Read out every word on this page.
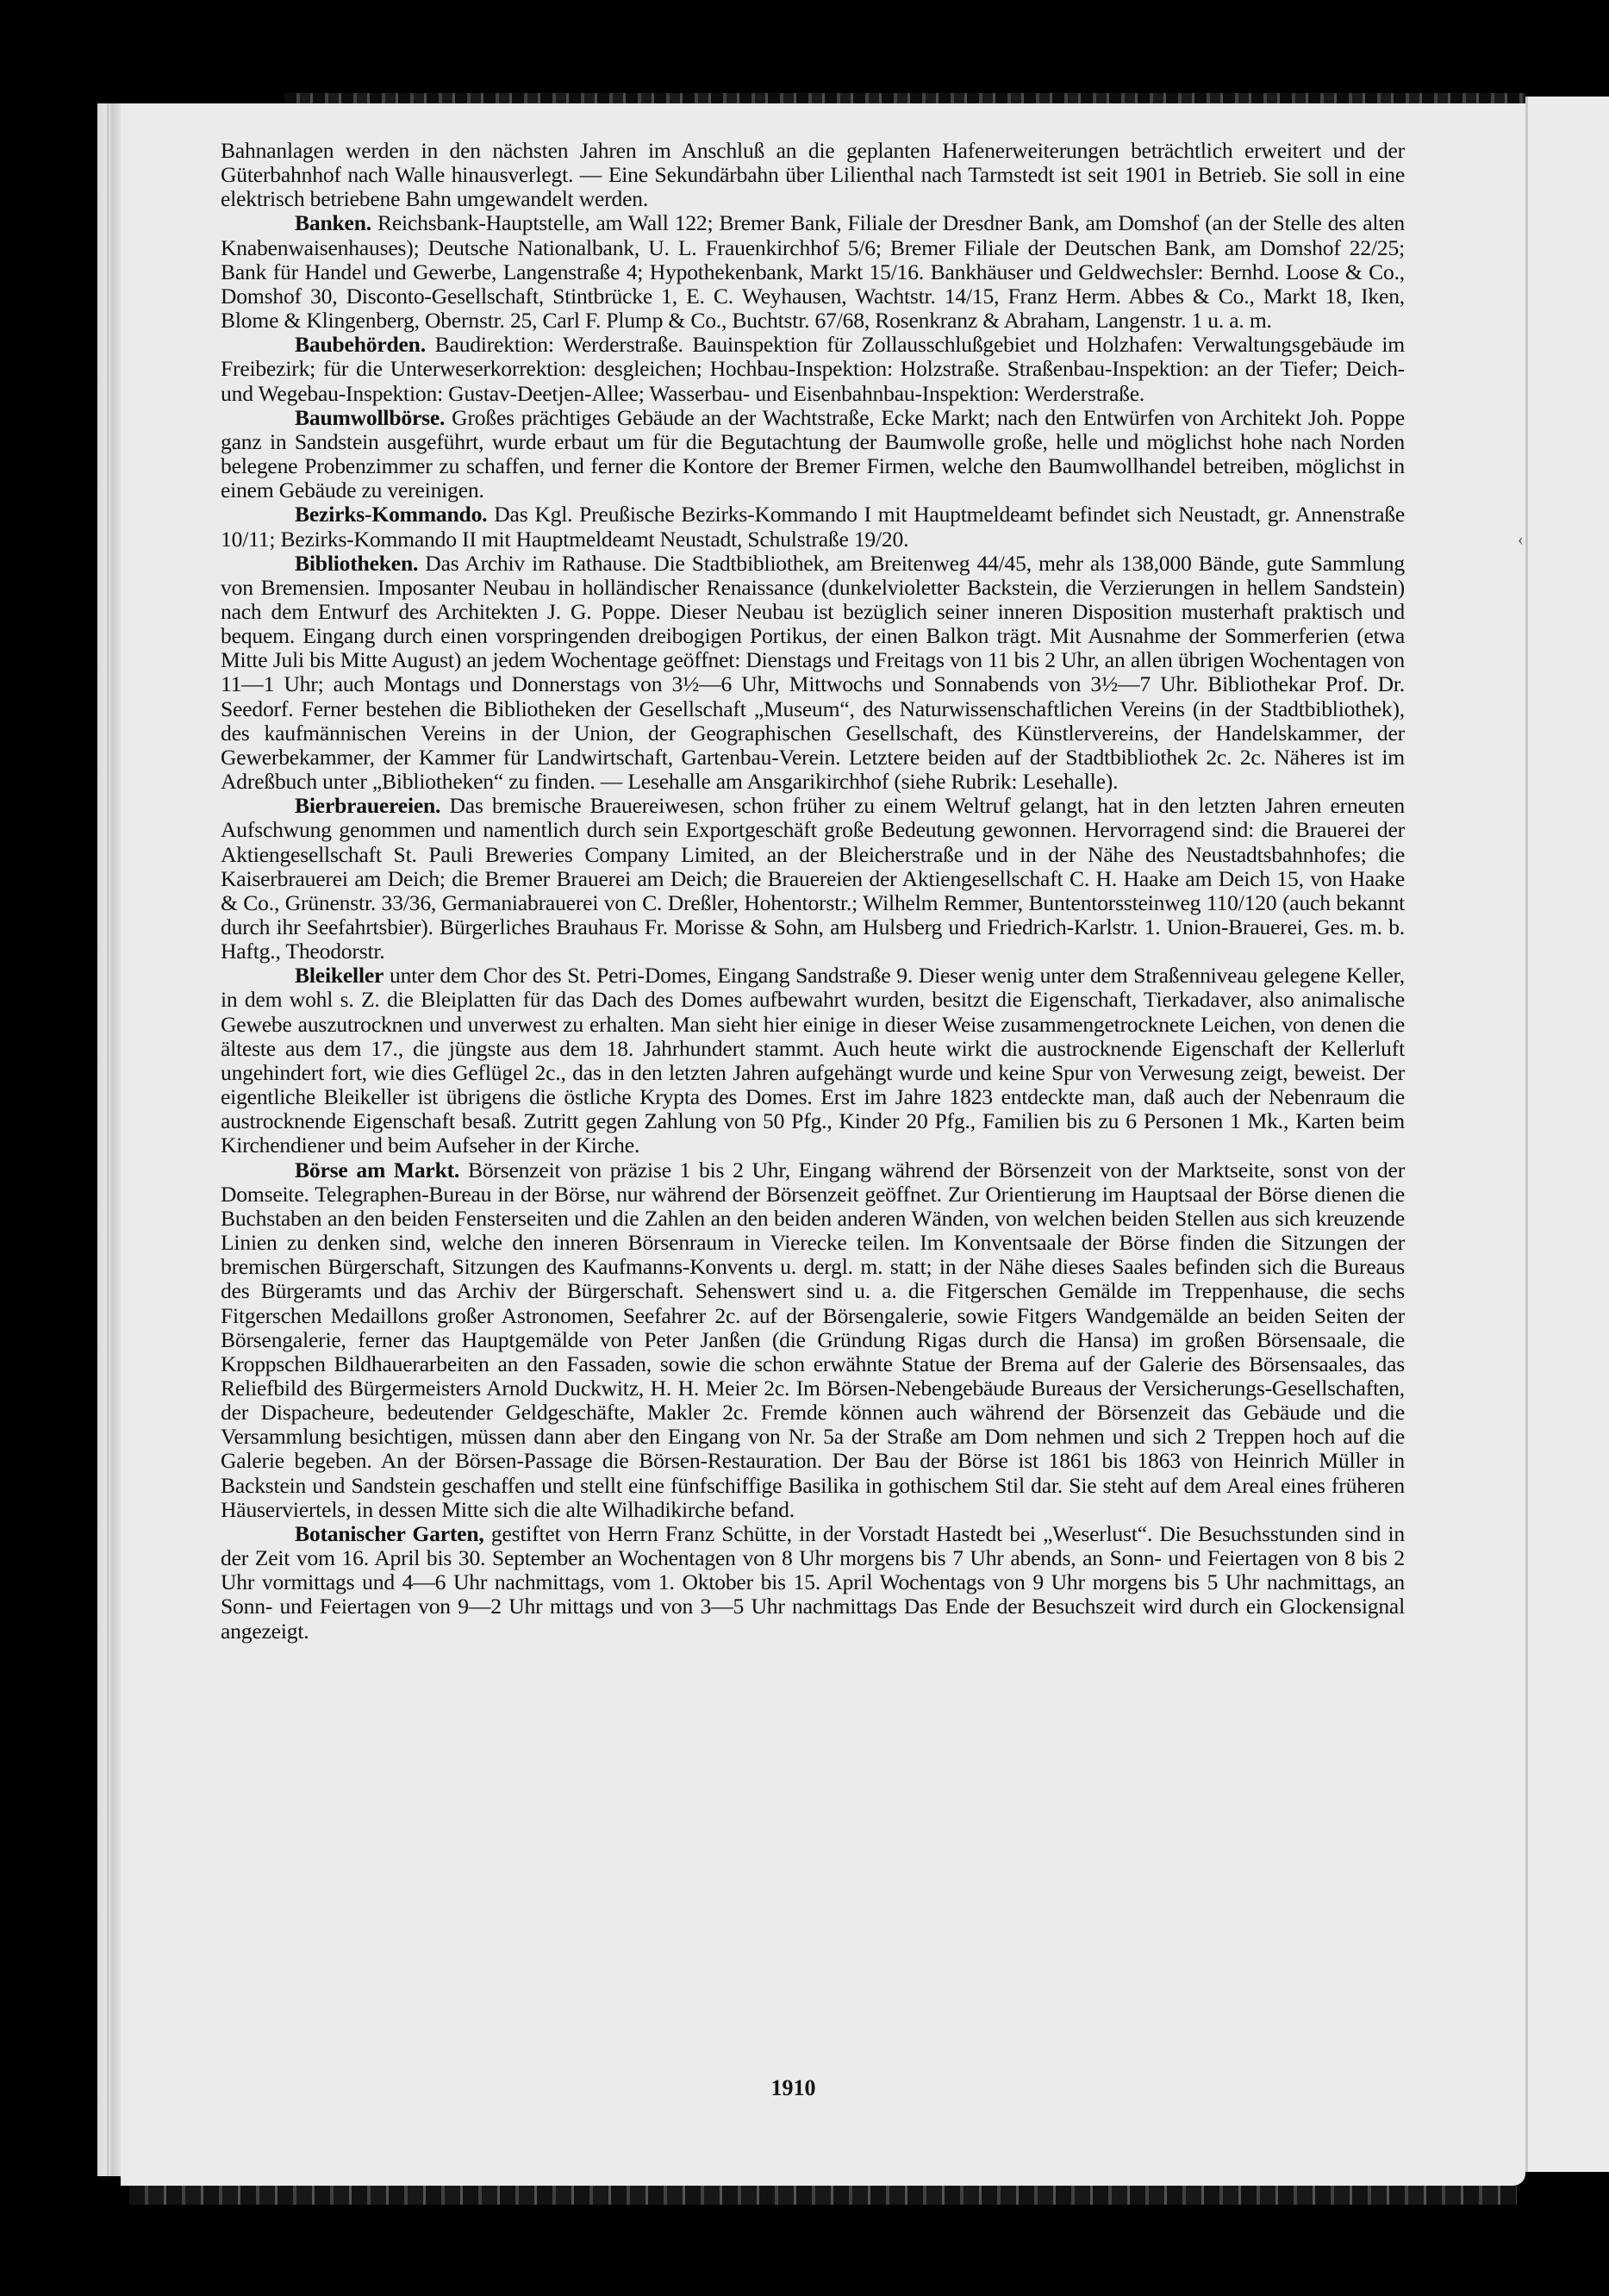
Bahnanlagen werden in den nächsten Jahren im Anschluß an die geplanten Hafenerweiterungen beträchtlich erweitert und der Güterbahnhof nach Walle hinausverlegt. — Eine Sekundärbahn über Lilienthal nach Tarmstedt ist seit 1901 in Betrieb. Sie soll in eine elektrisch betriebene Bahn umgewandelt werden.

Banken. Reichsbank-Hauptstelle, am Wall 122; Bremer Bank, Filiale der Dresdner Bank, am Domshof (an der Stelle des alten Knabenwaisenhauses); Deutsche Nationalbank, U. L. Frauenkirchhof 5/6; Bremer Filiale der Deutschen Bank, am Domshof 22/25; Bank für Handel und Gewerbe, Langenstraße 4; Hypothekenbank, Markt 15/16. Bankhäuser und Geldwechsler: Bernhd. Loose & Co., Domshof 30, Disconto-Gesellschaft, Stintbrücke 1, E. C. Weyhausen, Wachtstr. 14/15, Franz Herm. Abbes & Co., Markt 18, Iken, Blome & Klingenberg, Obernstr. 25, Carl F. Plump & Co., Buchtstr. 67/68, Rosenkranz & Abraham, Langenstr. 1 u. a. m.

Baubehörden. Baudirektion: Werderstraße. Bauinspektion für Zollausschlußgebiet und Holzhafen: Verwaltungsgebäude im Freibezirk; für die Unterweserkorrektion: desgleichen; Hochbau-Inspektion: Holzstraße. Straßenbau-Inspektion: an der Tiefer; Deich- und Wegebau-Inspektion: Gustav-Deetjen-Allee; Wasserbau- und Eisenbahnbau-Inspektion: Werderstraße.

Baumwollbörse. Großes prächtiges Gebäude an der Wachtstraße, Ecke Markt; nach den Entwürfen von Architekt Joh. Poppe ganz in Sandstein ausgeführt, wurde erbaut um für die Begutachtung der Baumwolle große, helle und möglichst hohe nach Norden belegene Probenzimmer zu schaffen, und ferner die Kontore der Bremer Firmen, welche den Baumwollhandel betreiben, möglichst in einem Gebäude zu vereinigen.

Bezirks-Kommando. Das Kgl. Preußische Bezirks-Kommando I mit Hauptmeldeamt befindet sich Neustadt, gr. Annenstraße 10/11; Bezirks-Kommando II mit Hauptmeldeamt Neustadt, Schulstraße 19/20.

Bibliotheken. Das Archiv im Rathause. Die Stadtbibliothek, am Breitenweg 44/45, mehr als 138,000 Bände, gute Sammlung von Bremensien. Imposanter Neubau in holländischer Renaissance (dunkelvioletter Backstein, die Verzierungen in hellem Sandstein) nach dem Entwurf des Architekten J. G. Poppe. Dieser Neubau ist bezüglich seiner inneren Disposition musterhaft praktisch und bequem. Eingang durch einen vorspringenden dreibogigen Portikus, der einen Balkon trägt. Mit Ausnahme der Sommerferien (etwa Mitte Juli bis Mitte August) an jedem Wochentage geöffnet: Dienstags und Freitags von 11 bis 2 Uhr, an allen übrigen Wochentagen von 11—1 Uhr; auch Montags und Donnerstags von 3½—6 Uhr, Mittwochs und Sonnabends von 3½—7 Uhr. Bibliothekar Prof. Dr. Seedorf. Ferner bestehen die Bibliotheken der Gesellschaft „Museum“, des Naturwissenschaftlichen Vereins (in der Stadtbibliothek), des kaufmännischen Vereins in der Union, der Geographischen Gesellschaft, des Künstlervereins, der Handelskammer, der Gewerbekammer, der Kammer für Landwirtschaft, Gartenbau-Verein. Letztere beiden auf der Stadtbibliothek 2c. 2c. Näheres ist im Adreßbuch unter „Bibliotheken“ zu finden. — Lesehalle am Ansgarikirchhof (siehe Rubrik: Lesehalle).

Bierbrauereien. Das bremische Brauereiwesen, schon früher zu einem Weltruf gelangt, hat in den letzten Jahren erneuten Aufschwung genommen und namentlich durch sein Exportgeschäft große Bedeutung gewonnen. Hervorragend sind: die Brauerei der Aktiengesellschaft St. Pauli Breweries Company Limited, an der Bleicherstraße und in der Nähe des Neustadtsbahnhofes; die Kaiserbrauerei am Deich; die Bremer Brauerei am Deich; die Brauereien der Aktiengesellschaft C. H. Haake am Deich 15, von Haake & Co., Grünenstr. 33/36, Germaniabrauerei von C. Dreßler, Hohentorstr.; Wilhelm Remmer, Buntentorssteinweg 110/120 (auch bekannt durch ihr Seefahrtsbier). Bürgerliches Brauhaus Fr. Morisse & Sohn, am Hulsberg und Friedrich-Karlstr. 1. Union-Brauerei, Ges. m. b. Haftg., Theodorstr.

Bleikeller unter dem Chor des St. Petri-Domes, Eingang Sandstraße 9. Dieser wenig unter dem Straßenniveau gelegene Keller, in dem wohl s. Z. die Bleiplatten für das Dach des Domes aufbewahrt wurden, besitzt die Eigenschaft, Tierkadaver, also animalische Gewebe auszutrocknen und unverwest zu erhalten. Man sieht hier einige in dieser Weise zusammengetrocknete Leichen, von denen die älteste aus dem 17., die jüngste aus dem 18. Jahrhundert stammt. Auch heute wirkt die austrocknende Eigenschaft der Kellerluft ungehindert fort, wie dies Geflügel 2c., das in den letzten Jahren aufgehängt wurde und keine Spur von Verwesung zeigt, beweist. Der eigentliche Bleikeller ist übrigens die östliche Krypta des Domes. Erst im Jahre 1823 entdeckte man, daß auch der Nebenraum die austrocknende Eigenschaft besaß. Zutritt gegen Zahlung von 50 Pfg., Kinder 20 Pfg., Familien bis zu 6 Personen 1 Mk., Karten beim Kirchendiener und beim Aufseher in der Kirche.

Börse am Markt. Börsenzeit von präzise 1 bis 2 Uhr, Eingang während der Börsenzeit von der Marktseite, sonst von der Domseite. Telegraphen-Bureau in der Börse, nur während der Börsenzeit geöffnet. Zur Orientierung im Hauptsaal der Börse dienen die Buchstaben an den beiden Fensterseiten und die Zahlen an den beiden anderen Wänden, von welchen beiden Stellen aus sich kreuzende Linien zu denken sind, welche den inneren Börsenraum in Vierecke teilen. Im Konventsaale der Börse finden die Sitzungen der bremischen Bürgerschaft, Sitzungen des Kaufmanns-Konvents u. dergl. m. statt; in der Nähe dieses Saales befinden sich die Bureaus des Bürgeramts und das Archiv der Bürgerschaft. Sehenswert sind u. a. die Fitgerschen Gemälde im Treppenhause, die sechs Fitgerschen Medaillons großer Astronomen, Seefahrer 2c. auf der Börsengalerie, sowie Fitgers Wandgemälde an beiden Seiten der Börsengalerie, ferner das Hauptgemälde von Peter Janßen (die Gründung Rigas durch die Hansa) im großen Börsensaale, die Kroppschen Bildhauerarbeiten an den Fassaden, sowie die schon erwähnte Statue der Brema auf der Galerie des Börsensaales, das Reliefbild des Bürgermeisters Arnold Duckwitz, H. H. Meier 2c. Im Börsen-Nebengebäude Bureaus der Versicherungs-Gesellschaften, der Dispacheure, bedeutender Geldgeschäfte, Makler 2c. Fremde können auch während der Börsenzeit das Gebäude und die Versammlung besichtigen, müssen dann aber den Eingang von Nr. 5a der Straße am Dom nehmen und sich 2 Treppen hoch auf die Galerie begeben. An der Börsen-Passage die Börsen-Restauration. Der Bau der Börse ist 1861 bis 1863 von Heinrich Müller in Backstein und Sandstein geschaffen und stellt eine fünfschiffige Basilika in gothischem Stil dar. Sie steht auf dem Areal eines früheren Häuserviertels, in dessen Mitte sich die alte Wilhadikirche befand.

Botanischer Garten, gestiftet von Herrn Franz Schütte, in der Vorstadt Hastedt bei „Weserlust“. Die Besuchsstunden sind in der Zeit vom 16. April bis 30. September an Wochentagen von 8 Uhr morgens bis 7 Uhr abends, an Sonn- und Feiertagen von 8 bis 2 Uhr vormittags und 4—6 Uhr nachmittags, vom 1. Oktober bis 15. April Wochentags von 9 Uhr morgens bis 5 Uhr nachmittags, an Sonn- und Feiertagen von 9—2 Uhr mittags und von 3—5 Uhr nachmittags Das Ende der Besuchszeit wird durch ein Glockensignal angezeigt.

‹
1910
